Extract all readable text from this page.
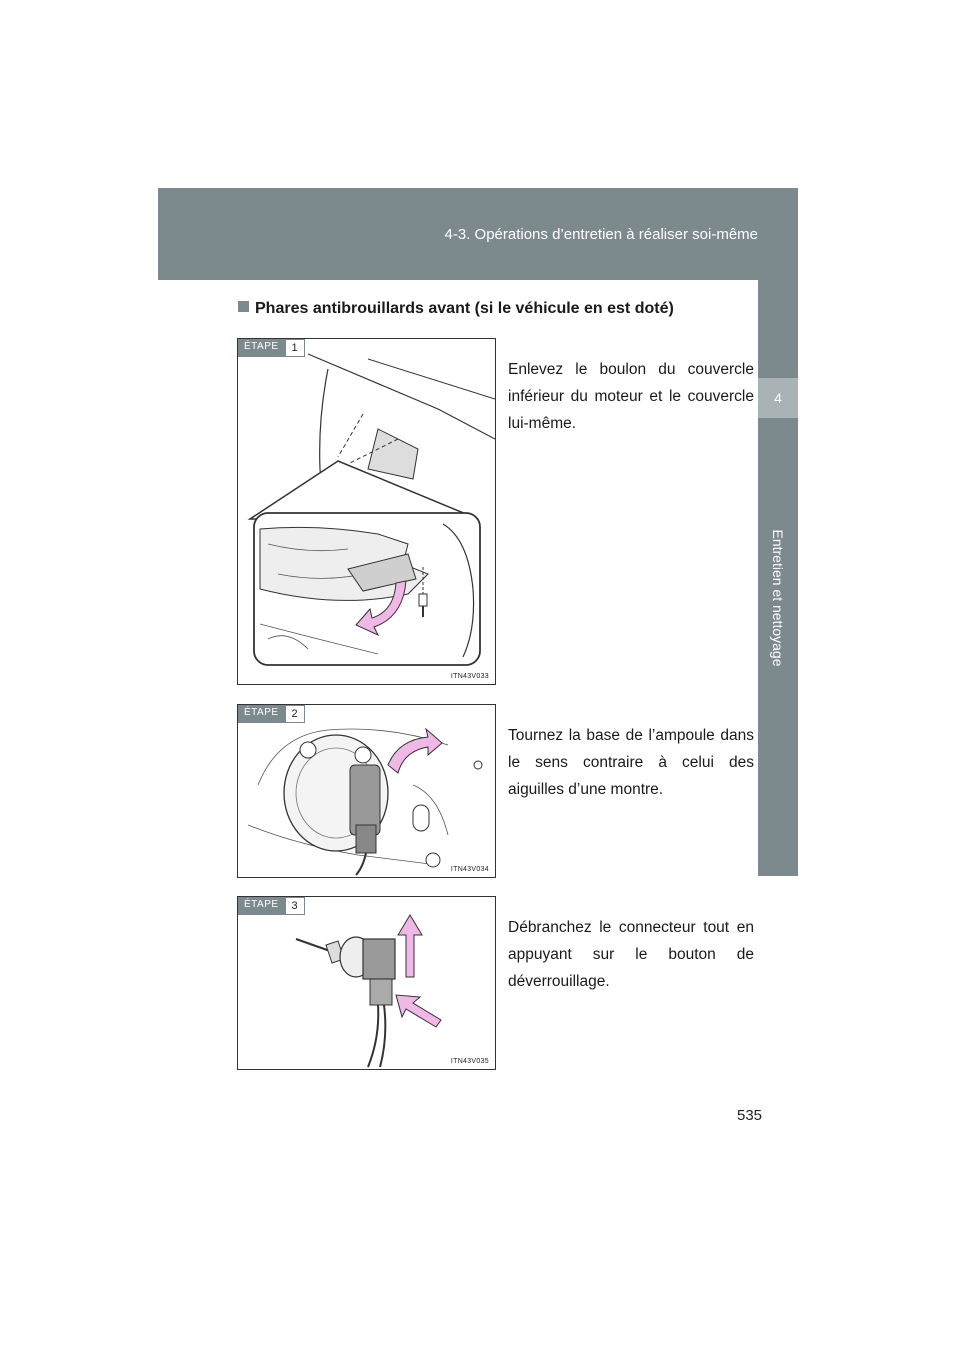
4-3. Opérations d’entretien à réaliser soi-même
4
Entretien et nettoyage
Phares antibrouillards avant (si le véhicule en est doté)
ÉTAPE	1
ITN43V033
Enlevez le boulon du couvercle inférieur du moteur et le couvercle lui-même.
ÉTAPE	2
ITN43V034
Tournez la base de l’ampoule dans le sens contraire à celui des aiguilles d’une montre.
ÉTAPE	3
ITN43V035
Débranchez le connecteur tout en appuyant sur le bouton de déverrouillage.
535
